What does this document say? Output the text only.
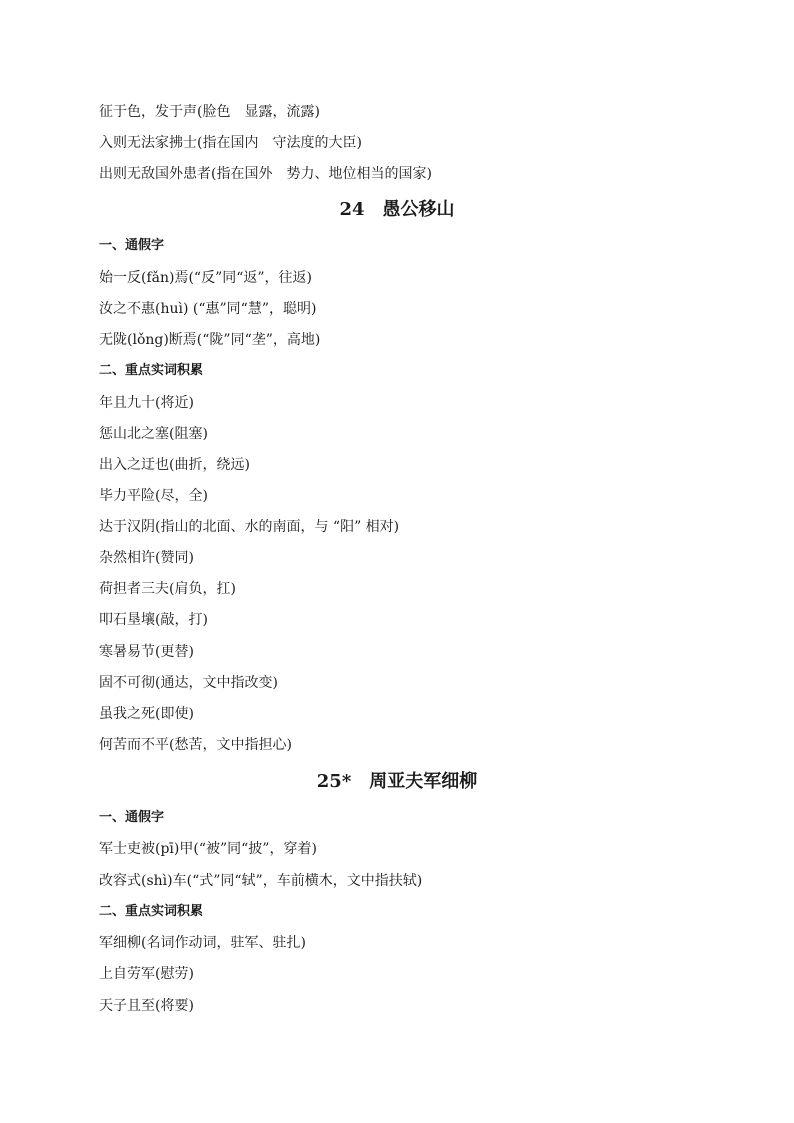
征于色，发于声(脸色　显露，流露)
入则无法家拂士(指在国内　守法度的大臣)
出则无敌国外患者(指在国外　势力、地位相当的国家)
24　愚公移山
一、通假字
始一反(fǎn)焉(“反”同“返”，往返)
汝之不惠(huì) (“惠”同“慧”，聪明)
无陇(lǒng)断焉(“陇”同“垄”，高地)
二、重点实词积累
年且九十(将近)
惩山北之塞(阻塞)
出入之迂也(曲折，绕远)
毕力平险(尽，全)
达于汉阴(指山的北面、水的南面，与 “阳” 相对)
杂然相许(赞同)
荷担者三夫(肩负，扛)
叩石垦壤(敲，打)
寒暑易节(更替)
固不可彻(通达，文中指改变)
虽我之死(即使)
何苦而不平(愁苦，文中指担心)
25*　周亚夫军细柳
一、通假字
军士吏被(pī)甲(“被”同“披”，穿着)
改容式(shì)车(“式”同“轼”，车前横木，文中指扶轼)
二、重点实词积累
军细柳(名词作动词，驻军、驻扎)
上自劳军(慰劳)
天子且至(将要)
